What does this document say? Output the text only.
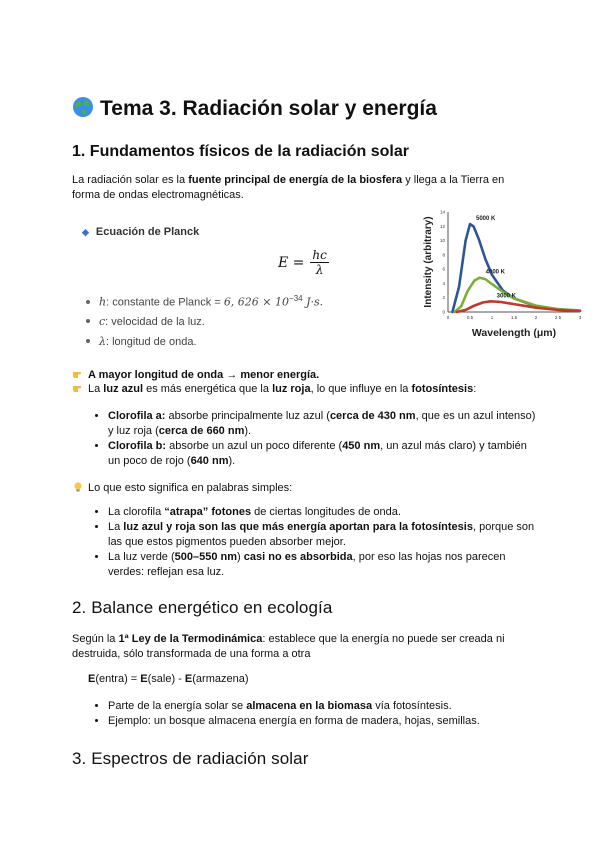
Tema 3. Radiación solar y energía
1. Fundamentos físicos de la radiación solar
La radiación solar es la fuente principal de energía de la biosfera y llega a la Tierra en forma de ondas electromagnéticas.
◆ Ecuación de Planck
$E = \frac{hc}{\lambda}$
h: constante de Planck = 6, $626 \times 10^{-34}$ J·s.
c: velocidad de la luz.
λ: longitud de onda.
0
2
4
6
8
10
12
14
0	0.5	1	1.5	2	2.5	3
Wavelength (μm)
Intensity (arbitrary)	5000 K
4000 K
3000 K
A mayor longitud de onda → menor energía.
La luz azul es más energética que la luz roja, lo que influye en la fotosíntesis:
• Clorofila a: absorbe principalmente luz azul (cerca de 430 nm, que es un azul intenso) y luz roja (cerca de 660 nm).
• Clorofila b: absorbe un azul un poco diferente (450 nm, un azul más claro) y también un poco de rojo (640 nm).
Lo que esto significa en palabras simples:
• La clorofila “atrapa” fotones de ciertas longitudes de onda.
• La luz azul y roja son las que más energía aportan para la fotosíntesis, porque son las que estos pigmentos pueden absorber mejor.
• La luz verde (500–550 nm) casi no es absorbida, por eso las hojas nos parecen verdes: reflejan esa luz.
2. Balance energético en ecología
Según la 1ª Ley de la Termodinámica: establece que la energía no puede ser creada ni destruida, sólo transformada de una forma a otra
E(entra) = E(sale) - E(armazena)
• Parte de la energía solar se almacena en la biomasa vía fotosíntesis.
• Ejemplo: un bosque almacena energía en forma de madera, hojas, semillas.
3. Espectros de radiación solar
